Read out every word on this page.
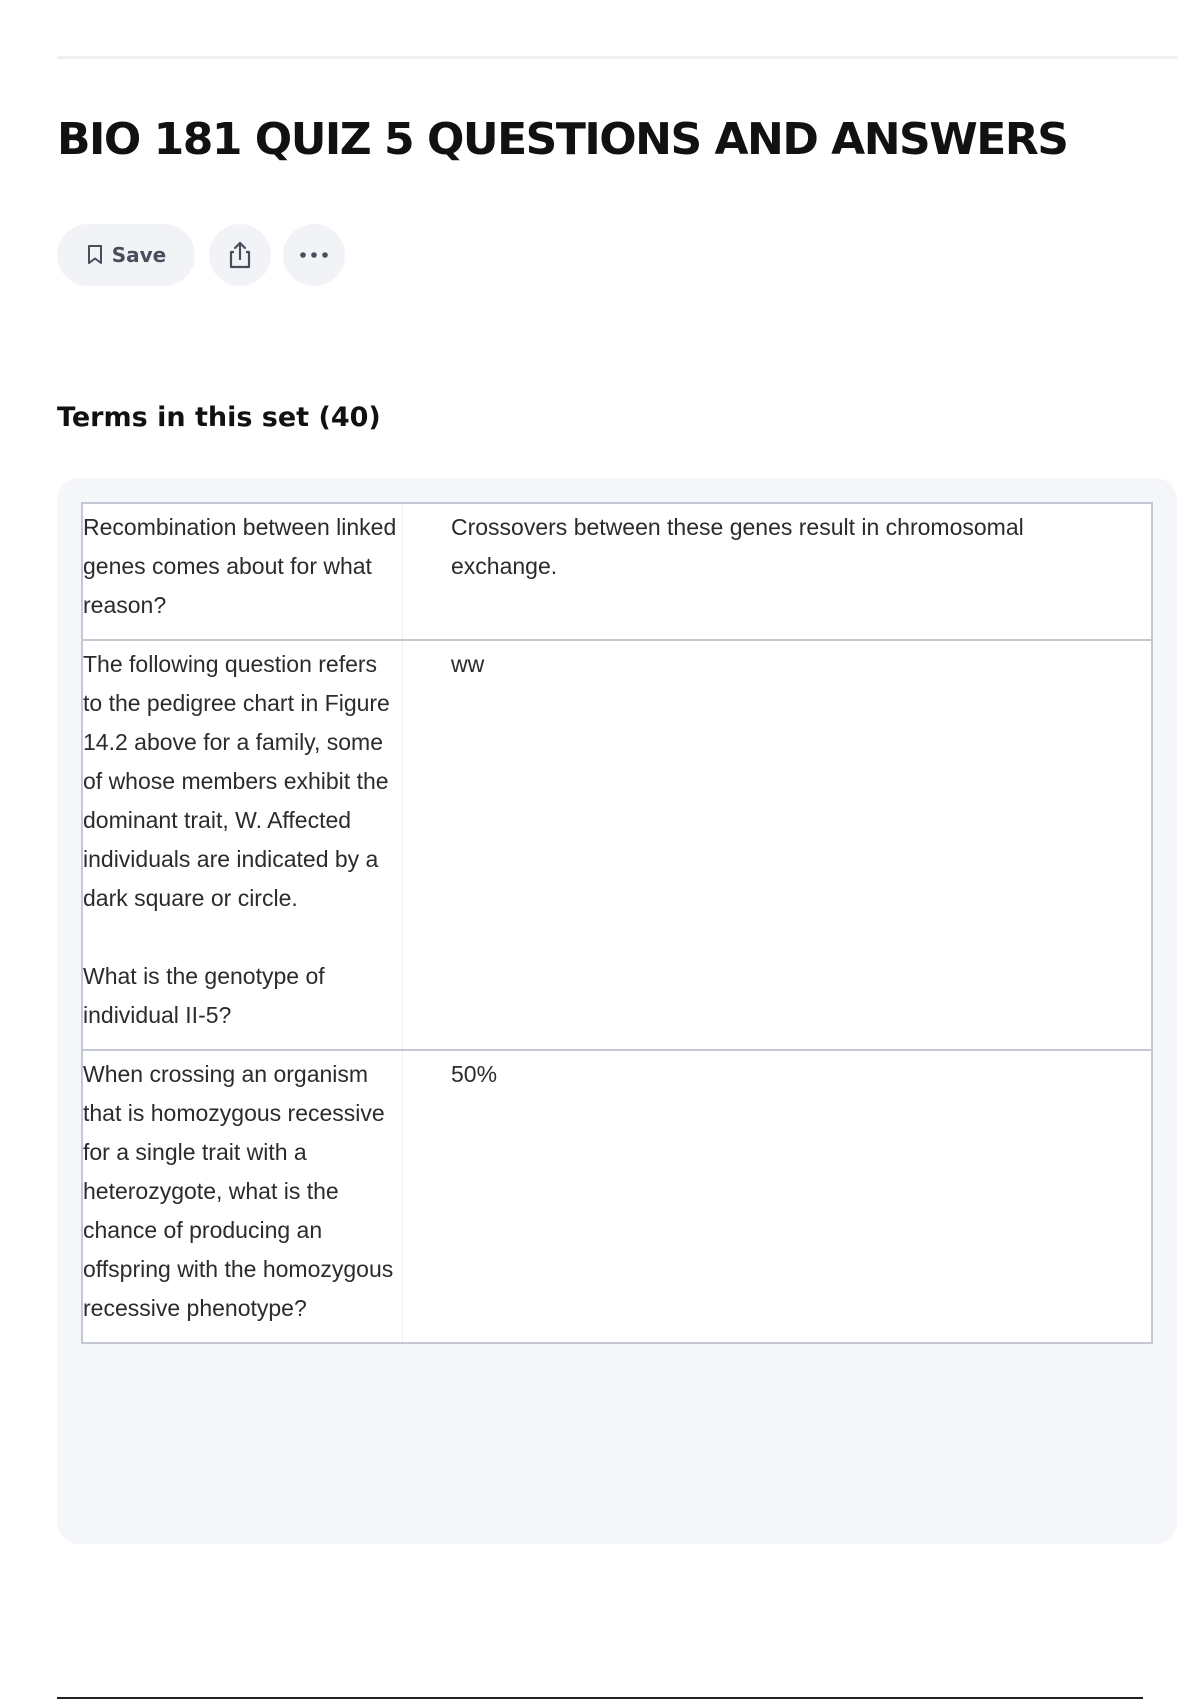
BIO 181 QUIZ 5 QUESTIONS AND ANSWERS
Save
Terms in this set (40)
Recombination between linked genes comes about for what reason?
Crossovers between these genes result in chromosomal exchange.
The following question refers to the pedigree chart in Figure 14.2 above for a family, some of whose members exhibit the dominant trait, W. Affected individuals are indicated by a dark square or circle.

What is the genotype of individual II-5?
ww
When crossing an organism that is homozygous recessive for a single trait with a heterozygote, what is the chance of producing an offspring with the homozygous recessive phenotype?
50%
